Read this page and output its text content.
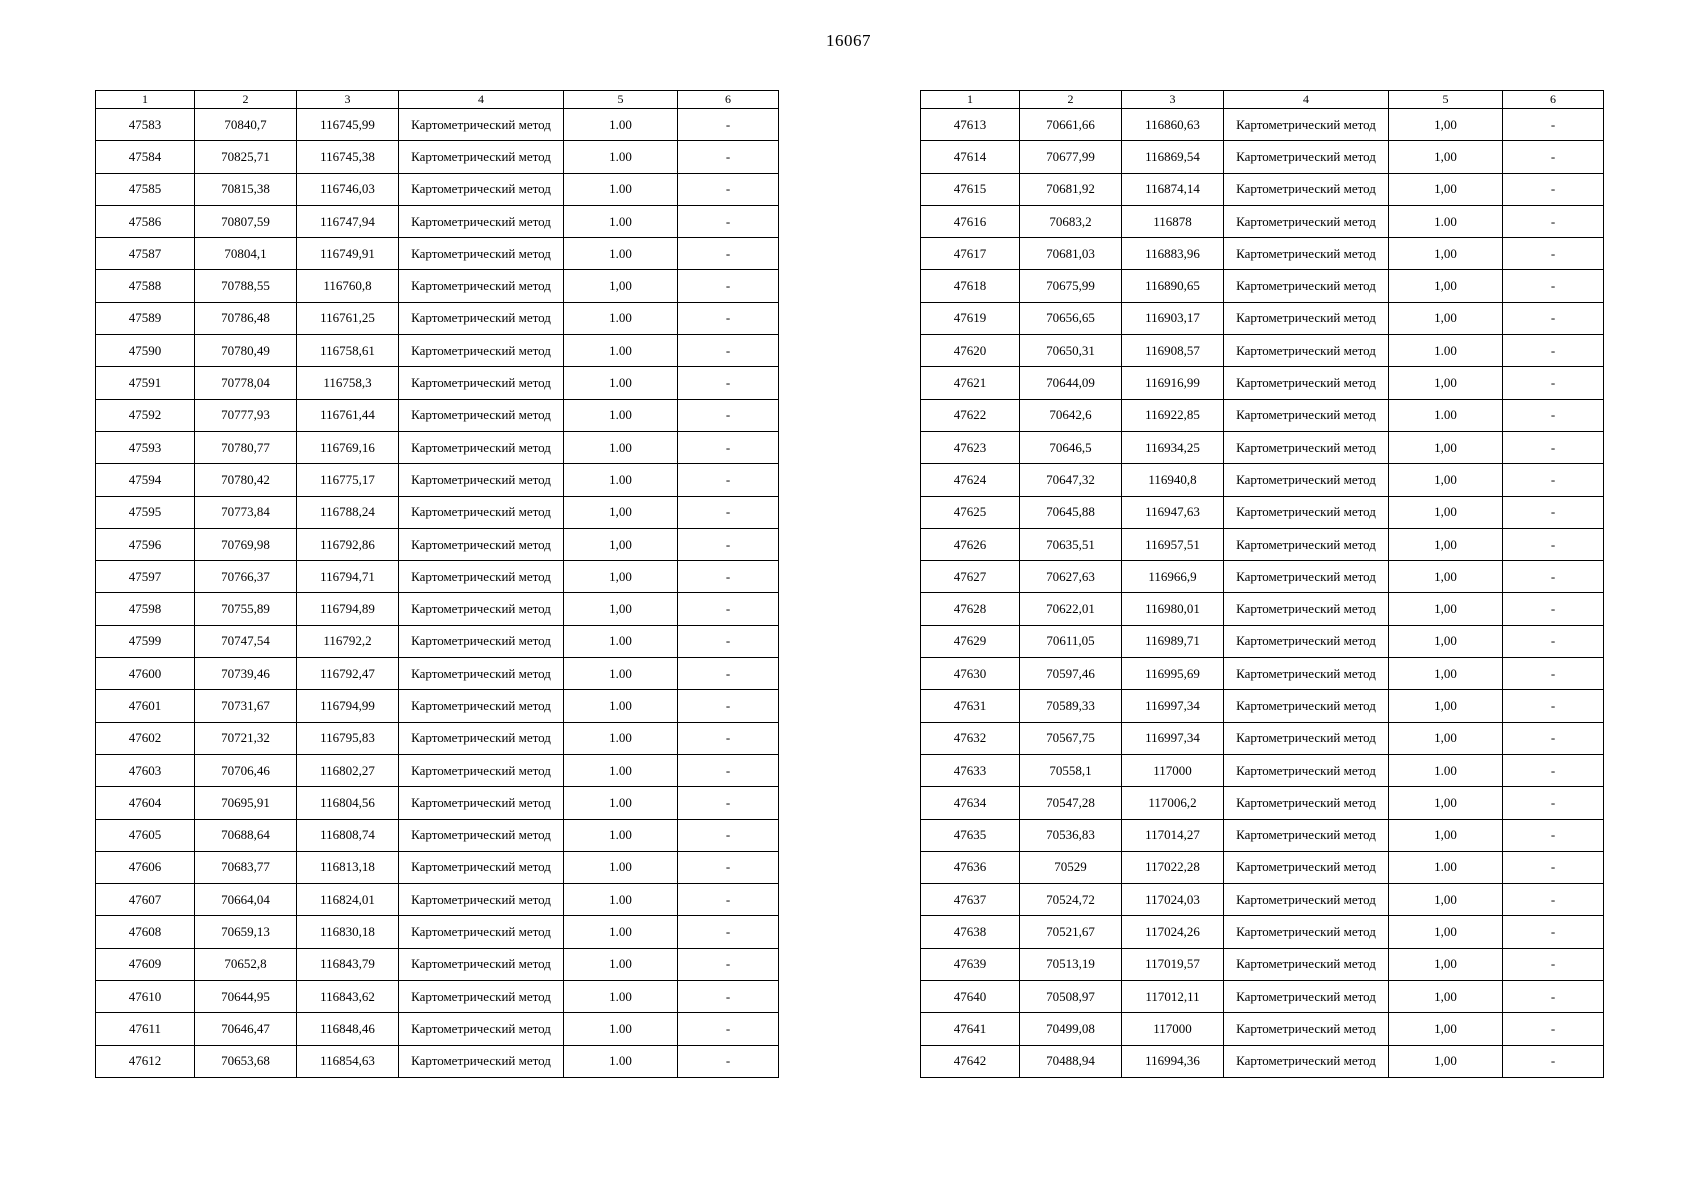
16067
1	2	3	4	5	6
47583	70840,7	116745,99	Картометрический метод	1.00	-
47584	70825,71	116745,38	Картометрический метод	1.00	-
47585	70815,38	116746,03	Картометрический метод	1.00	-
47586	70807,59	116747,94	Картометрический метод	1.00	-
47587	70804,1	116749,91	Картометрический метод	1.00	-
47588	70788,55	116760,8	Картометрический метод	1,00	-
47589	70786,48	116761,25	Картометрический метод	1.00	-
47590	70780,49	116758,61	Картометрический метод	1.00	-
47591	70778,04	116758,3	Картометрический метод	1.00	-
47592	70777,93	116761,44	Картометрический метод	1.00	-
47593	70780,77	116769,16	Картометрический метод	1.00	-
47594	70780,42	116775,17	Картометрический метод	1.00	-
47595	70773,84	116788,24	Картометрический метод	1,00	-
47596	70769,98	116792,86	Картометрический метод	1,00	-
47597	70766,37	116794,71	Картометрический метод	1,00	-
47598	70755,89	116794,89	Картометрический метод	1,00	-
47599	70747,54	116792,2	Картометрический метод	1.00	-
47600	70739,46	116792,47	Картометрический метод	1.00	-
47601	70731,67	116794,99	Картометрический метод	1.00	-
47602	70721,32	116795,83	Картометрический метод	1.00	-
47603	70706,46	116802,27	Картометрический метод	1.00	-
47604	70695,91	116804,56	Картометрический метод	1.00	-
47605	70688,64	116808,74	Картометрический метод	1.00	-
47606	70683,77	116813,18	Картометрический метод	1.00	-
47607	70664,04	116824,01	Картометрический метод	1.00	-
47608	70659,13	116830,18	Картометрический метод	1.00	-
47609	70652,8	116843,79	Картометрический метод	1.00	-
47610	70644,95	116843,62	Картометрический метод	1.00	-
47611	70646,47	116848,46	Картометрический метод	1.00	-
47612	70653,68	116854,63	Картометрический метод	1.00	-
1	2	3	4	5	6
47613	70661,66	116860,63	Картометрический метод	1,00	-
47614	70677,99	116869,54	Картометрический метод	1,00	-
47615	70681,92	116874,14	Картометрический метод	1,00	-
47616	70683,2	116878	Картометрический метод	1.00	-
47617	70681,03	116883,96	Картометрический метод	1,00	-
47618	70675,99	116890,65	Картометрический метод	1,00	-
47619	70656,65	116903,17	Картометрический метод	1,00	-
47620	70650,31	116908,57	Картометрический метод	1.00	-
47621	70644,09	116916,99	Картометрический метод	1,00	-
47622	70642,6	116922,85	Картометрический метод	1.00	-
47623	70646,5	116934,25	Картометрический метод	1,00	-
47624	70647,32	116940,8	Картометрический метод	1,00	-
47625	70645,88	116947,63	Картометрический метод	1,00	-
47626	70635,51	116957,51	Картометрический метод	1,00	-
47627	70627,63	116966,9	Картометрический метод	1,00	-
47628	70622,01	116980,01	Картометрический метод	1,00	-
47629	70611,05	116989,71	Картометрический метод	1,00	-
47630	70597,46	116995,69	Картометрический метод	1,00	-
47631	70589,33	116997,34	Картометрический метод	1,00	-
47632	70567,75	116997,34	Картометрический метод	1,00	-
47633	70558,1	117000	Картометрический метод	1.00	-
47634	70547,28	117006,2	Картометрический метод	1,00	-
47635	70536,83	117014,27	Картометрический метод	1,00	-
47636	70529	117022,28	Картометрический метод	1.00	-
47637	70524,72	117024,03	Картометрический метод	1,00	-
47638	70521,67	117024,26	Картометрический метод	1,00	-
47639	70513,19	117019,57	Картометрический метод	1,00	-
47640	70508,97	117012,11	Картометрический метод	1,00	-
47641	70499,08	117000	Картометрический метод	1,00	-
47642	70488,94	116994,36	Картометрический метод	1,00	-
